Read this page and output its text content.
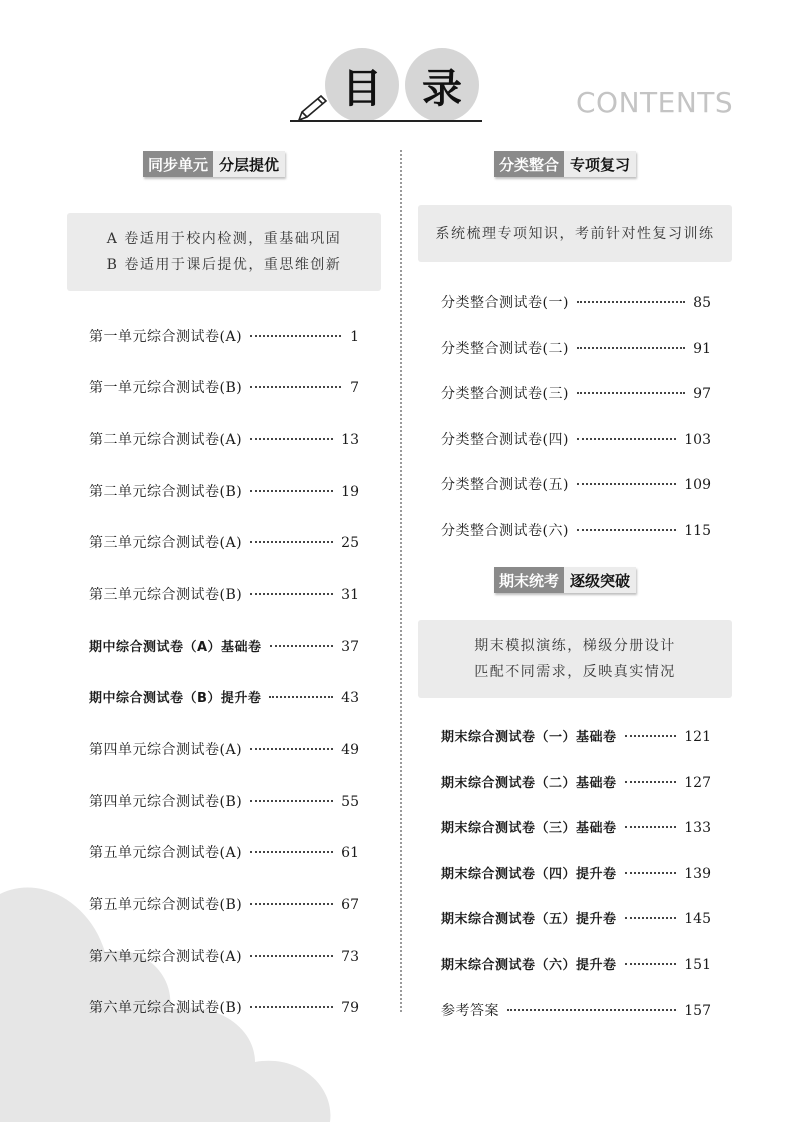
目	录	CONTENTS
同步单元 分层提优
A 卷适用于校内检测，重基础巩固
B 卷适用于课后提优，重思维创新
第一单元综合测试卷(A)	1
第一单元综合测试卷(B)	7
第二单元综合测试卷(A)	13
第二单元综合测试卷(B)	19
第三单元综合测试卷(A)	25
第三单元综合测试卷(B)	31
期中综合测试卷（A）基础卷	37
期中综合测试卷（B）提升卷	43
第四单元综合测试卷(A)	49
第四单元综合测试卷(B)	55
第五单元综合测试卷(A)	61
第五单元综合测试卷(B)	67
第六单元综合测试卷(A)	73
第六单元综合测试卷(B)	79
分类整合 专项复习
系统梳理专项知识，考前针对性复习训练
分类整合测试卷(一)	85
分类整合测试卷(二)	91
分类整合测试卷(三)	97
分类整合测试卷(四)	103
分类整合测试卷(五)	109
分类整合测试卷(六)	115
期末统考 逐级突破
期末模拟演练，梯级分册设计
匹配不同需求，反映真实情况
期末综合测试卷（一）基础卷	121
期末综合测试卷（二）基础卷	127
期末综合测试卷（三）基础卷	133
期末综合测试卷（四）提升卷	139
期末综合测试卷（五）提升卷	145
期末综合测试卷（六）提升卷	151
参考答案	157
